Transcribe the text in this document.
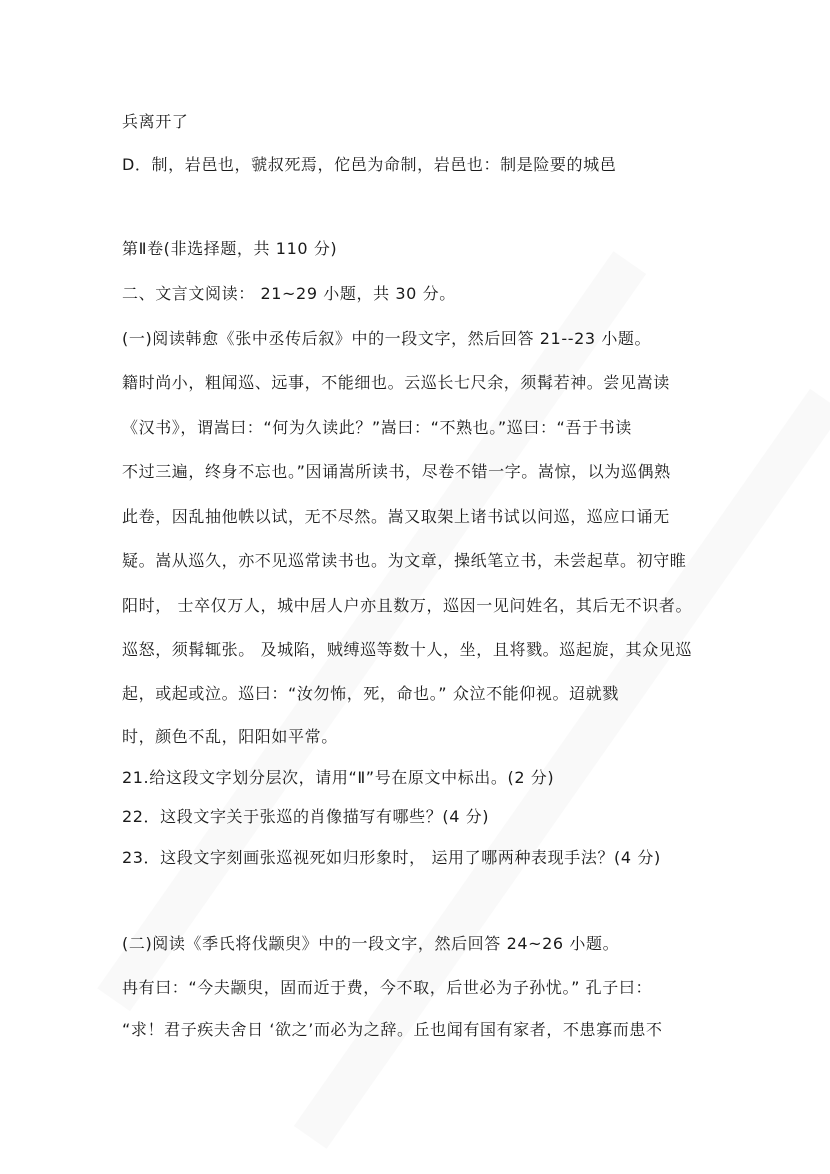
兵离开了
D．制，岩邑也，虢叔死焉，佗邑为命制，岩邑也：制是险要的城邑
第Ⅱ卷(非选择题，共 110 分)
二、文言文阅读： 21~29 小题，共 30 分。
(一)阅读韩愈《张中丞传后叙》中的一段文字，然后回答 21--23 小题。
籍时尚小，粗闻巡、远事，不能细也。云巡长七尺余，须髯若神。尝见嵩读
《汉书》，谓嵩曰：“何为久读此？”嵩曰：“不熟也。”巡曰：“吾于书读
不过三遍，终身不忘也。”因诵嵩所读书，尽卷不错一字。嵩惊，以为巡偶熟
此卷，因乱抽他帙以试，无不尽然。嵩又取架上诸书试以问巡，巡应口诵无
疑。嵩从巡久，亦不见巡常读书也。为文章，操纸笔立书，未尝起草。初守睢
阳时， 士卒仅万人，城中居人户亦且数万，巡因一见问姓名，其后无不识者。
巡怒，须髯辄张。 及城陷，贼缚巡等数十人，坐，且将戮。巡起旋，其众见巡
起，或起或泣。巡曰：“汝勿怖，死，命也。” 众泣不能仰视。迢就戮
时，颜色不乱，阳阳如平常。
21.给这段文字划分层次，请用“Ⅱ”号在原文中标出。(2 分)
22．这段文字关于张巡的肖像描写有哪些？(4 分)
23．这段文字刻画张巡视死如归形象时， 运用了哪两种表现手法？(4 分)
(二)阅读《季氏将伐颛臾》中的一段文字，然后回答 24~26 小题。
冉有曰：“今夫颛臾，固而近于费，今不取，后世必为子孙忧。” 孔子曰：
“求！君子疾夫舍日 ‘欲之’而必为之辞。丘也闻有国有家者，不患寡而患不
